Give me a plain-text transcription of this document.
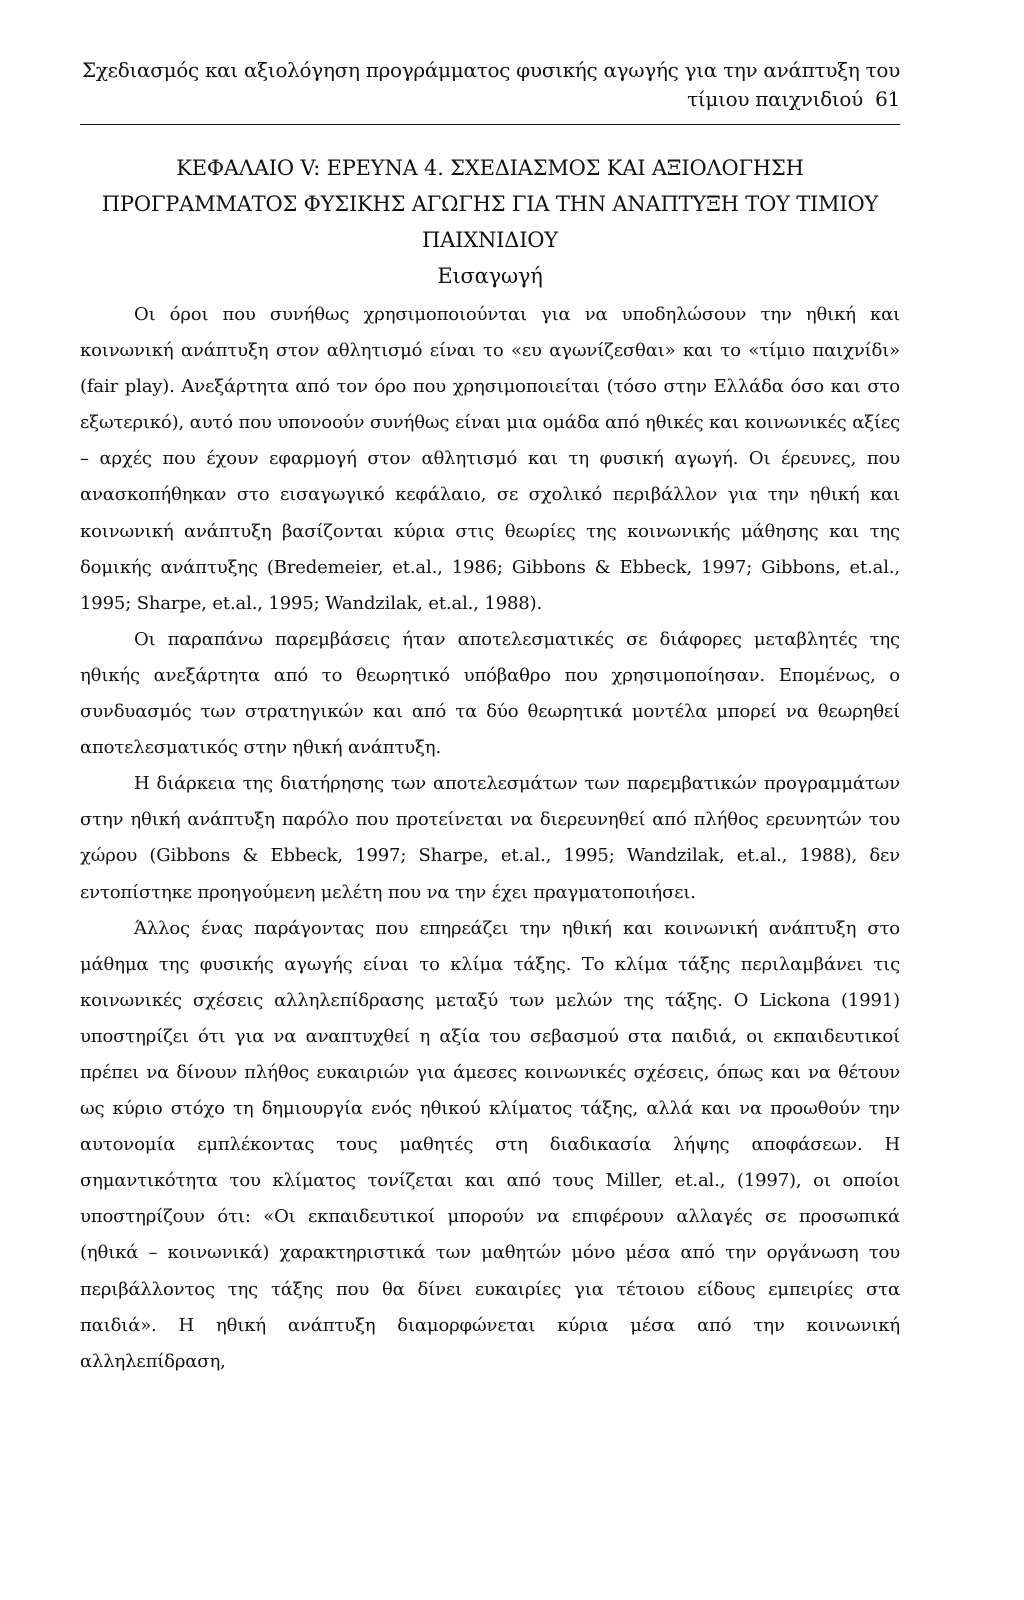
Σχεδιασμός και αξιολόγηση προγράμματος φυσικής αγωγής για την ανάπτυξη του τίμιου παιχνιδιού 61
ΚΕΦΑΛΑΙΟ V: ΕΡΕΥΝΑ 4. ΣΧΕΔΙΑΣΜΟΣ ΚΑΙ ΑΞΙΟΛΟΓΗΣΗ
ΠΡΟΓΡΑΜΜΑΤΟΣ ΦΥΣΙΚΗΣ ΑΓΩΓΗΣ ΓΙΑ ΤΗΝ ΑΝΑΠΤΥΞΗ ΤΟΥ ΤΙΜΙΟΥ
ΠΑΙΧΝΙΔΙΟΥ
Εισαγωγή

Οι όροι που συνήθως χρησιμοποιούνται για να υποδηλώσουν την ηθική και κοινωνική ανάπτυξη στον αθλητισμό είναι το «ευ αγωνίζεσθαι» και το «τίμιο παιχνίδι» (fair play). Ανεξάρτητα από τον όρο που χρησιμοποιείται (τόσο στην Ελλάδα όσο και στο εξωτερικό), αυτό που υπονοούν συνήθως είναι μια ομάδα από ηθικές και κοινωνικές αξίες – αρχές που έχουν εφαρμογή στον αθλητισμό και τη φυσική αγωγή. Οι έρευνες, που ανασκοπήθηκαν στο εισαγωγικό κεφάλαιο, σε σχολικό περιβάλλον για την ηθική και κοινωνική ανάπτυξη βασίζονται κύρια στις θεωρίες της κοινωνικής μάθησης και της δομικής ανάπτυξης (Bredemeier, et.al., 1986; Gibbons & Ebbeck, 1997; Gibbons, et.al., 1995; Sharpe, et.al., 1995; Wandzilak, et.al., 1988).

Οι παραπάνω παρεμβάσεις ήταν αποτελεσματικές σε διάφορες μεταβλητές της ηθικής ανεξάρτητα από το θεωρητικό υπόβαθρο που χρησιμοποίησαν. Επομένως, ο συνδυασμός των στρατηγικών και από τα δύο θεωρητικά μοντέλα μπορεί να θεωρηθεί αποτελεσματικός στην ηθική ανάπτυξη.

Η διάρκεια της διατήρησης των αποτελεσμάτων των παρεμβατικών προγραμμάτων στην ηθική ανάπτυξη παρόλο που προτείνεται να διερευνηθεί από πλήθος ερευνητών του χώρου (Gibbons & Ebbeck, 1997; Sharpe, et.al., 1995; Wandzilak, et.al., 1988), δεν εντοπίστηκε προηγούμενη μελέτη που να την έχει πραγματοποιήσει.

Άλλος ένας παράγοντας που επηρεάζει την ηθική και κοινωνική ανάπτυξη στο μάθημα της φυσικής αγωγής είναι το κλίμα τάξης. Το κλίμα τάξης περιλαμβάνει τις κοινωνικές σχέσεις αλληλεπίδρασης μεταξύ των μελών της τάξης. Ο Lickona (1991) υποστηρίζει ότι για να αναπτυχθεί η αξία του σεβασμού στα παιδιά, οι εκπαιδευτικοί πρέπει να δίνουν πλήθος ευκαιριών για άμεσες κοινωνικές σχέσεις, όπως και να θέτουν ως κύριο στόχο τη δημιουργία ενός ηθικού κλίματος τάξης, αλλά και να προωθούν την αυτονομία εμπλέκοντας τους μαθητές στη διαδικασία λήψης αποφάσεων. Η σημαντικότητα του κλίματος τονίζεται και από τους Miller, et.al., (1997), οι οποίοι υποστηρίζουν ότι: «Οι εκπαιδευτικοί μπορούν να επιφέρουν αλλαγές σε προσωπικά (ηθικά – κοινωνικά) χαρακτηριστικά των μαθητών μόνο μέσα από την οργάνωση του περιβάλλοντος της τάξης που θα δίνει ευκαιρίες για τέτοιου είδους εμπειρίες στα παιδιά». Η ηθική ανάπτυξη διαμορφώνεται κύρια μέσα από την κοινωνική αλληλεπίδραση,
